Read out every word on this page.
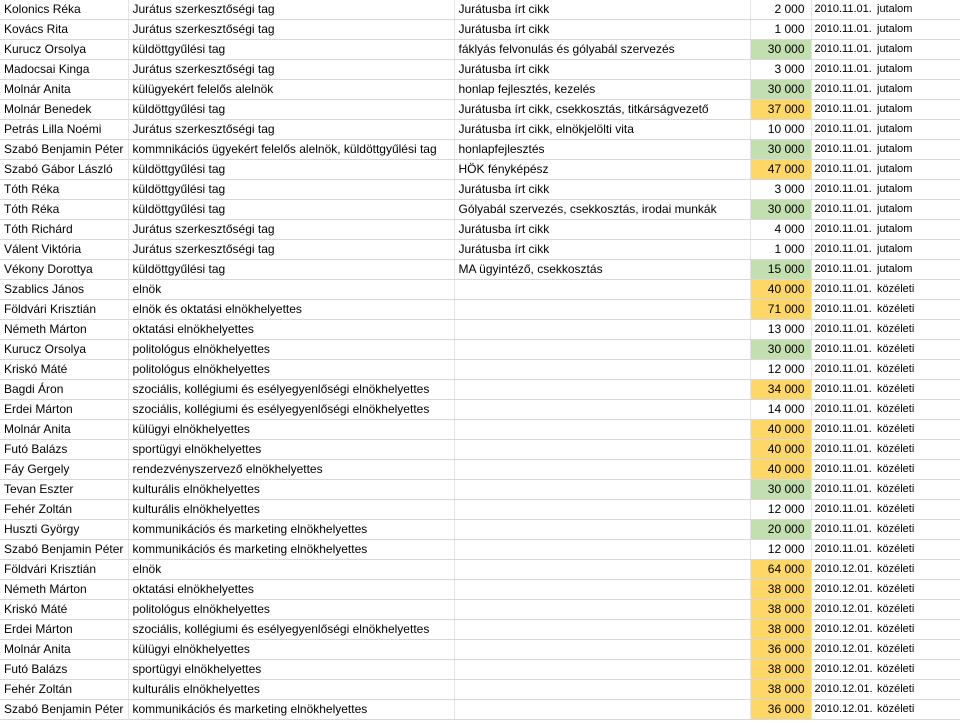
Kolonics Réka	Jurátus szerkesztőségi tag	Jurátusba írt cikk	2 000	2010.11.01.	jutalom
Kovács Rita	Jurátus szerkesztőségi tag	Jurátusba írt cikk	1 000	2010.11.01.	jutalom
Kurucz Orsolya	küldöttgyűlési tag	fáklyás felvonulás és gólyabál szervezés	30 000	2010.11.01.	jutalom
Madocsai Kinga	Jurátus szerkesztőségi tag	Jurátusba írt cikk	3 000	2010.11.01.	jutalom
Molnár Anita	külügyekért felelős alelnök	honlap fejlesztés, kezelés	30 000	2010.11.01.	jutalom
Molnár Benedek	küldöttgyűlési tag	Jurátusba írt cikk, csekkosztás, titkárságvezető	37 000	2010.11.01.	jutalom
Petrás Lilla Noémi	Jurátus szerkesztőségi tag	Jurátusba írt cikk, elnökjelölti vita	10 000	2010.11.01.	jutalom
Szabó Benjamin Péter	kommnikációs ügyekért felelős alelnök, küldöttgyűlési tag	honlapfejlesztés	30 000	2010.11.01.	jutalom
Szabó Gábor László	küldöttgyűlési tag	HÖK fényképész	47 000	2010.11.01.	jutalom
Tóth Réka	küldöttgyűlési tag	Jurátusba írt cikk	3 000	2010.11.01.	jutalom
Tóth Réka	küldöttgyűlési tag	Gólyabál szervezés, csekkosztás, irodai munkák	30 000	2010.11.01.	jutalom
Tóth Richárd	Jurátus szerkesztőségi tag	Jurátusba írt cikk	4 000	2010.11.01.	jutalom
Válent Viktória	Jurátus szerkesztőségi tag	Jurátusba írt cikk	1 000	2010.11.01.	jutalom
Vékony Dorottya	küldöttgyűlési tag	MA ügyintéző, csekkosztás	15 000	2010.11.01.	jutalom
Szablics János	elnök		40 000	2010.11.01.	közéleti
Földvári Krisztián	elnök és oktatási elnökhelyettes		71 000	2010.11.01.	közéleti
Németh Márton	oktatási elnökhelyettes		13 000	2010.11.01.	közéleti
Kurucz Orsolya	politológus elnökhelyettes		30 000	2010.11.01.	közéleti
Kriskó Máté	politológus elnökhelyettes		12 000	2010.11.01.	közéleti
Bagdi Áron	szociális, kollégiumi és esélyegyenlőségi elnökhelyettes		34 000	2010.11.01.	közéleti
Erdei Márton	szociális, kollégiumi és esélyegyenlőségi elnökhelyettes		14 000	2010.11.01.	közéleti
Molnár Anita	külügyi elnökhelyettes		40 000	2010.11.01.	közéleti
Futó Balázs	sportügyi elnökhelyettes		40 000	2010.11.01.	közéleti
Fáy Gergely	rendezvényszervező elnökhelyettes		40 000	2010.11.01.	közéleti
Tevan Eszter	kulturális elnökhelyettes		30 000	2010.11.01.	közéleti
Fehér Zoltán	kulturális elnökhelyettes		12 000	2010.11.01.	közéleti
Huszti György	kommunikációs és marketing elnökhelyettes		20 000	2010.11.01.	közéleti
Szabó Benjamin Péter	kommunikációs és marketing elnökhelyettes		12 000	2010.11.01.	közéleti
Földvári Krisztián	elnök		64 000	2010.12.01.	közéleti
Németh Márton	oktatási elnökhelyettes		38 000	2010.12.01.	közéleti
Kriskó Máté	politológus elnökhelyettes		38 000	2010.12.01.	közéleti
Erdei Márton	szociális, kollégiumi és esélyegyenlőségi elnökhelyettes		38 000	2010.12.01.	közéleti
Molnár Anita	külügyi elnökhelyettes		36 000	2010.12.01.	közéleti
Futó Balázs	sportügyi elnökhelyettes		38 000	2010.12.01.	közéleti
Fehér Zoltán	kulturális elnökhelyettes		38 000	2010.12.01.	közéleti
Szabó Benjamin Péter	kommunikációs és marketing elnökhelyettes		36 000	2010.12.01.	közéleti
